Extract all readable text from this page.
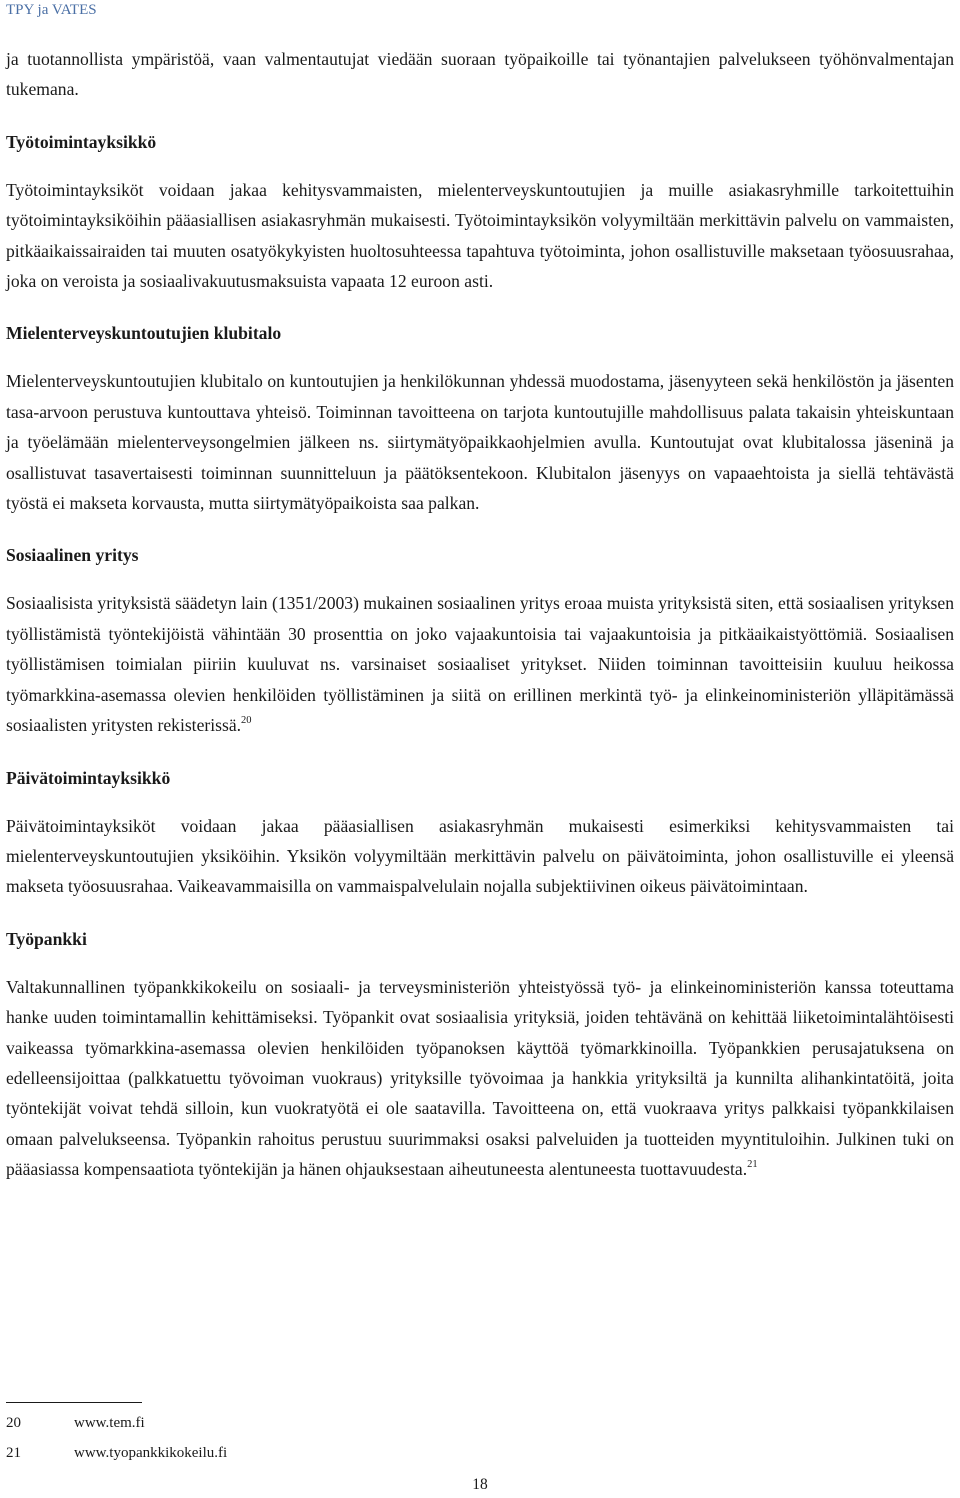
TPY ja VATES

ja tuotannollista ympäristöä, vaan valmentautujat viedään suoraan työpaikoille tai työnantajien palvelukseen työhönvalmentajan tukemana.

Työtoimintayksikkö

Työtoimintayksiköt voidaan jakaa kehitysvammaisten, mielenterveyskuntoutujien ja muille asiakasryhmille tarkoitettuihin työtoimintayksiköihin pääasiallisen asiakasryhmän mukaisesti. Työtoimintayksikön volyymiltään merkittävin palvelu on vammaisten, pitkäaikaissairaiden tai muuten osatyökykyisten huoltosuhteessa tapahtuva työtoiminta, johon osallistuville maksetaan työosuusrahaa, joka on veroista ja sosiaalivakuutusmaksuista vapaata 12 euroon asti.

Mielenterveyskuntoutujien klubitalo

Mielenterveyskuntoutujien klubitalo on kuntoutujien ja henkilökunnan yhdessä muodostama, jäsenyyteen sekä henkilöstön ja jäsenten tasa-arvoon perustuva kuntouttava yhteisö. Toiminnan tavoitteena on tarjota kuntoutujille mahdollisuus palata takaisin yhteiskuntaan ja työelämään mielenterveysongelmien jälkeen ns. siirtymätyöpaikkaohjelmien avulla. Kuntoutujat ovat klubitalossa jäseninä ja osallistuvat tasavertaisesti toiminnan suunnitteluun ja päätöksentekoon. Klubitalon jäsenyys on vapaaehtoista ja siellä tehtävästä työstä ei makseta korvausta, mutta siirtymätyöpaikoista saa palkan.

Sosiaalinen yritys

Sosiaalisista yrityksistä säädetyn lain (1351/2003) mukainen sosiaalinen yritys eroaa muista yrityksistä siten, että sosiaalisen yrityksen työllistämistä työntekijöistä vähintään 30 prosenttia on joko vajaakuntoisia tai vajaakuntoisia ja pitkäaikaistyöttömiä. Sosiaalisen työllistämisen toimialan piiriin kuuluvat ns. varsinaiset sosiaaliset yritykset. Niiden toiminnan tavoitteisiin kuuluu heikossa työmarkkina-asemassa olevien henkilöiden työllistäminen ja siitä on erillinen merkintä työ- ja elinkeinoministeriön ylläpitämässä sosiaalisten yritysten rekisterissä.$^{20}$

Päivätoimintayksikkö

Päivätoimintayksiköt voidaan jakaa pääasiallisen asiakasryhmän mukaisesti esimerkiksi kehitysvammaisten tai mielenterveyskuntoutujien yksiköihin. Yksikön volyymiltään merkittävin palvelu on päivätoiminta, johon osallistuville ei yleensä makseta työosuusrahaa. Vaikeavammaisilla on vammaispalvelulain nojalla subjektiivinen oikeus päivätoimintaan.

Työpankki

Valtakunnallinen työpankkikokeilu on sosiaali- ja terveysministeriön yhteistyössä työ- ja elinkeinoministeriön kanssa toteuttama hanke uuden toimintamallin kehittämiseksi. Työpankit ovat sosiaalisia yrityksiä, joiden tehtävänä on kehittää liiketoimintalähtöisesti vaikeassa työmarkkina-asemassa olevien henkilöiden työpanoksen käyttöä työmarkkinoilla. Työpankkien perusajatuksena on edelleensijoittaa (palkkatuettu työvoiman vuokraus) yrityksille työvoimaa ja hankkia yrityksiltä ja kunnilta alihankintatöitä, joita työntekijät voivat tehdä silloin, kun vuokratyötä ei ole saatavilla. Tavoitteena on, että vuokraava yritys palkkaisi työpankkilaisen omaan palvelukseensa. Työpankin rahoitus perustuu suurimmaksi osaksi palveluiden ja tuotteiden myyntituloihin. Julkinen tuki on pääasiassa kompensaatiota työntekijän ja hänen ohjauksestaan aiheutuneesta alentuneesta tuottavuudesta.$^{21}$

20	www.tem.fi
21	www.tyopankkikokeilu.fi
18
